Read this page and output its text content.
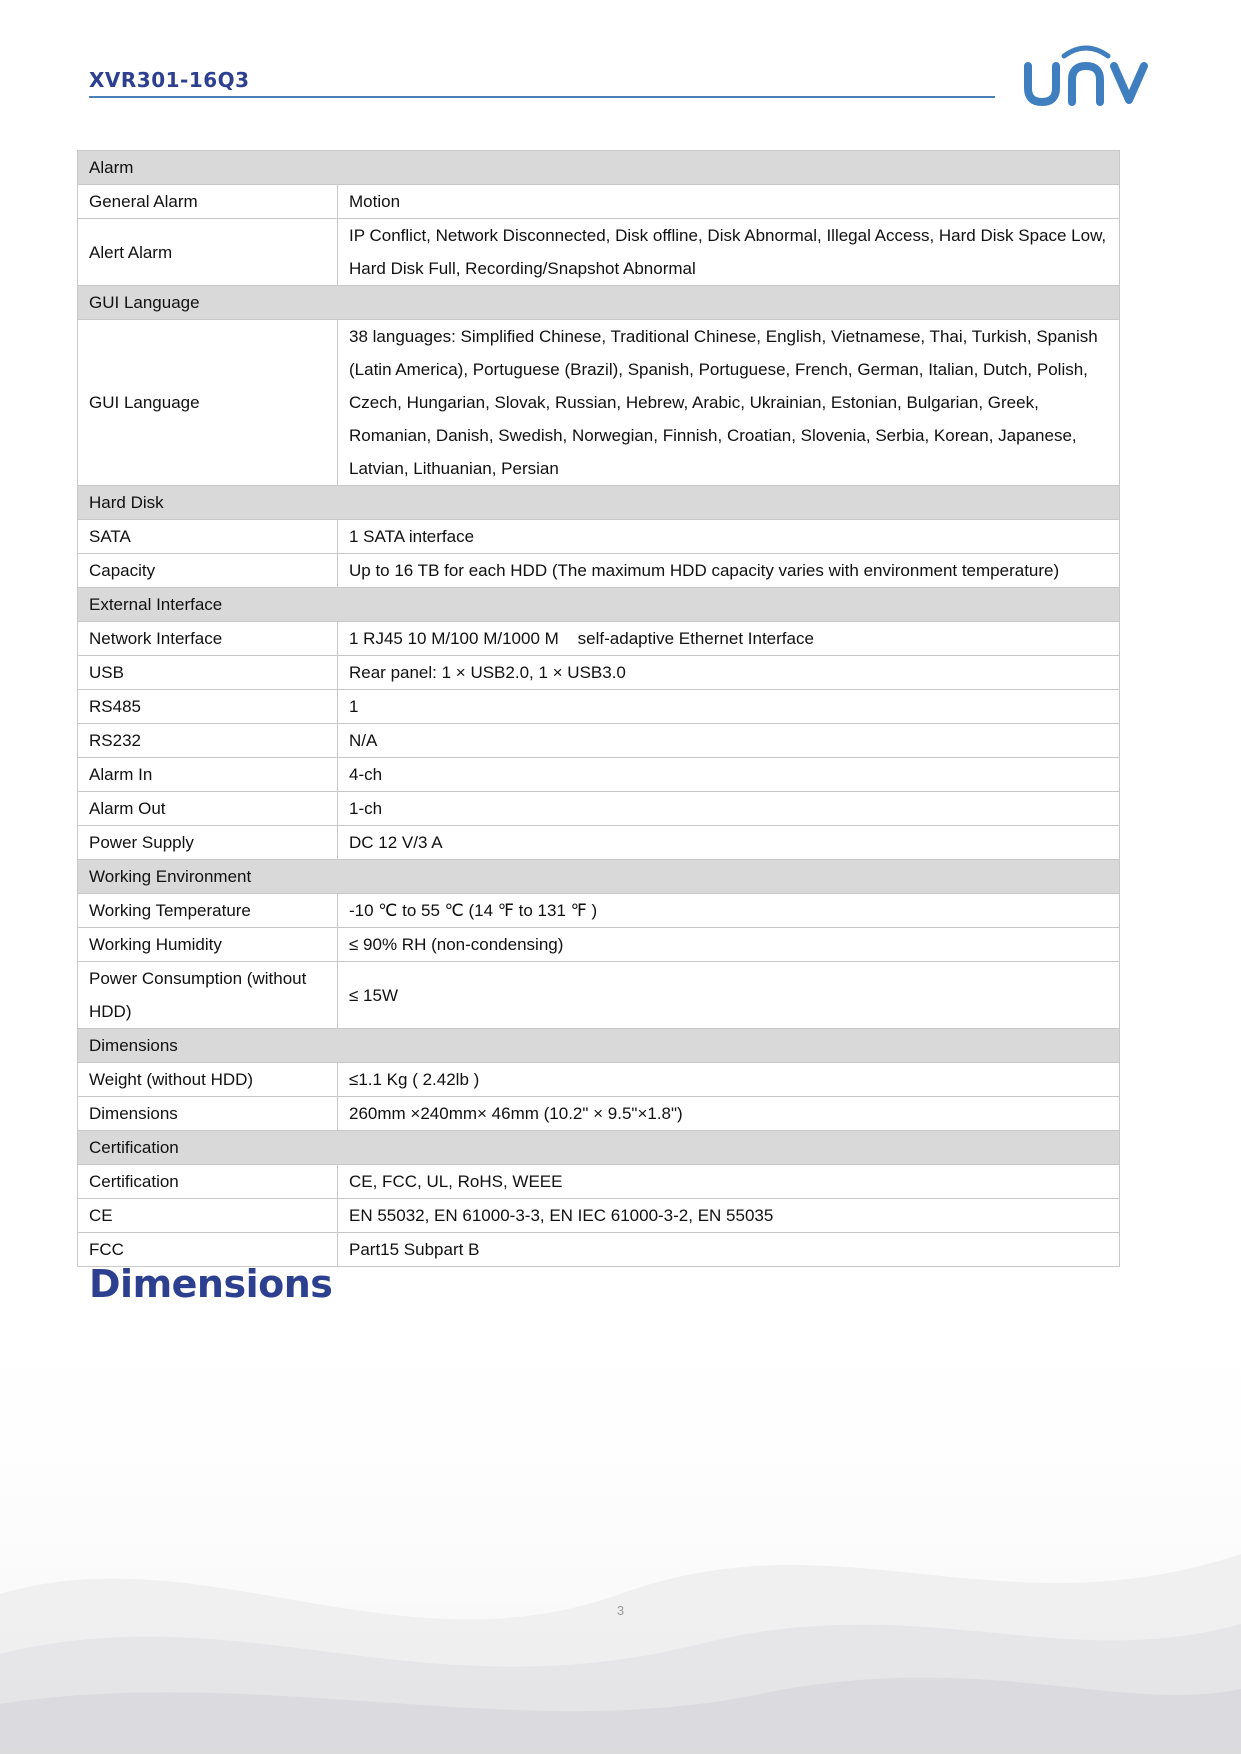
XVR301-16Q3
Alarm	
General Alarm	Motion
Alert Alarm	IP Conflict, Network Disconnected, Disk offline, Disk Abnormal, Illegal Access, Hard Disk Space Low, Hard Disk Full, Recording/Snapshot Abnormal
GUI Language	
GUI Language	38 languages: Simplified Chinese, Traditional Chinese, English, Vietnamese, Thai, Turkish, Spanish (Latin America), Portuguese (Brazil), Spanish, Portuguese, French, German, Italian, Dutch, Polish, Czech, Hungarian, Slovak, Russian, Hebrew, Arabic, Ukrainian, Estonian, Bulgarian, Greek, Romanian, Danish, Swedish, Norwegian, Finnish, Croatian, Slovenia, Serbia, Korean, Japanese, Latvian, Lithuanian, Persian
Hard Disk	
SATA	1 SATA interface
Capacity	Up to 16 TB for each HDD (The maximum HDD capacity varies with environment temperature)
External Interface	
Network Interface	1 RJ45 10 M/100 M/1000 M    self-adaptive Ethernet Interface
USB	Rear panel: 1 × USB2.0, 1 × USB3.0
RS485	1
RS232	N/A
Alarm In	4-ch
Alarm Out	1-ch
Power Supply	DC 12 V/3 A
Working Environment	
Working Temperature	-10 ℃ to 55 ℃ (14 ℉ to 131 ℉ )
Working Humidity	≤ 90% RH (non-condensing)
Power Consumption (without HDD)	≤ 15W
Dimensions	
Weight (without HDD)	≤1.1 Kg ( 2.42lb )
Dimensions	260mm ×240mm× 46mm (10.2" × 9.5"×1.8")
Certification	
Certification	CE, FCC, UL, RoHS, WEEE
CE	EN 55032, EN 61000-3-3, EN IEC 61000-3-2, EN 55035
FCC	Part15 Subpart B
Dimensions
3
